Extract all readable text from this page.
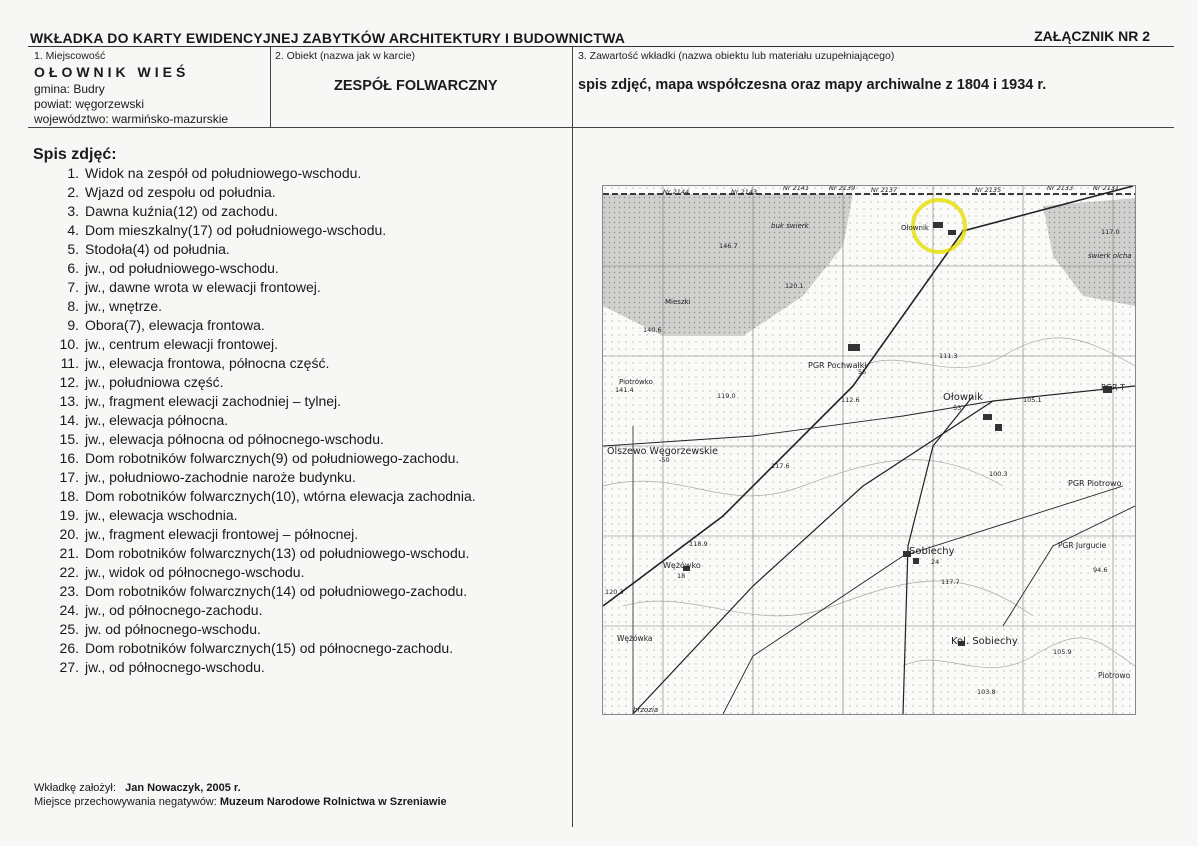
WKŁADKA DO KARTY EWIDENCYJNEJ ZABYTKÓW ARCHITEKTURY I BUDOWNICTWA	ZAŁĄCZNIK NR 2
1. Miejscowość
OŁOWNIK WIEŚ
gmina: Budry
powiat: węgorzewski
województwo: warmińsko-mazurskie
2. Obiekt (nazwa jak w karcie)
ZESPÓŁ FOLWARCZNY
3. Zawartość wkładki (nazwa obiektu lub materiału uzupełniającego)
spis zdjęć, mapa współczesna oraz mapy archiwalne z 1804 i 1934 r.
Spis zdjęć:
1. Widok na zespół od południowego-wschodu.
2. Wjazd od zespołu od południa.
3. Dawna kuźnia(12) od zachodu.
4. Dom mieszkalny(17) od południowego-wschodu.
5. Stodoła(4) od południa.
6. jw., od południowego-wschodu.
7. jw., dawne wrota w elewacji frontowej.
8. jw., wnętrze.
9. Obora(7), elewacja frontowa.
10. jw., centrum elewacji frontowej.
11. jw., elewacja frontowa, północna część.
12. jw., południowa część.
13. jw., fragment elewacji zachodniej – tylnej.
14. jw., elewacja północna.
15. jw., elewacja północna od północnego-wschodu.
16. Dom robotników folwarcznych(9) od południowego-zachodu.
17. jw., południowo-zachodnie naroże budynku.
18. Dom robotników folwarcznych(10), wtórna elewacja zachodnia.
19. jw., elewacja wschodnia.
20. jw., fragment elewacji frontowej – północnej.
21. Dom robotników folwarcznych(13) od południowego-wschodu.
22. jw., widok od północnego-wschodu.
23. Dom robotników folwarcznych(14) od południowego-zachodu.
24. jw., od północnego-zachodu.
25. jw. od północnego-wschodu.
26. Dom robotników folwarcznych(15) od północnego-zachodu.
27. jw., od północnego-wschodu.
Nr 2144	Nr 2143	Nr 2141	Nr 2139 Nr 2137	Nr 2135	Nr 2133	Nr 2131
Ołownik
buk świerk
świerk olcha
Mieszki
Piotrówko
PGR Pochwałki
Ołownik
PGR T
Olszewo Węgorzewskie
PGR Piotrowo
Sobiechy
Wężówko
PGR Jurgucie
Kol. Sobiechy
Piotrowo
Wężówka
brzozia
146.7
120.1
140.6
141.4
119.0	112.6
111.3
105.1
117.6
100.3
118.9
120.3
117.7
94.6
105.9
103.8
117.0
-50
55
53
24
18
Wkładkę założył: Jan Nowaczyk, 2005 r.
Miejsce przechowywania negatywów: Muzeum Narodowe Rolnictwa w Szreniawie
